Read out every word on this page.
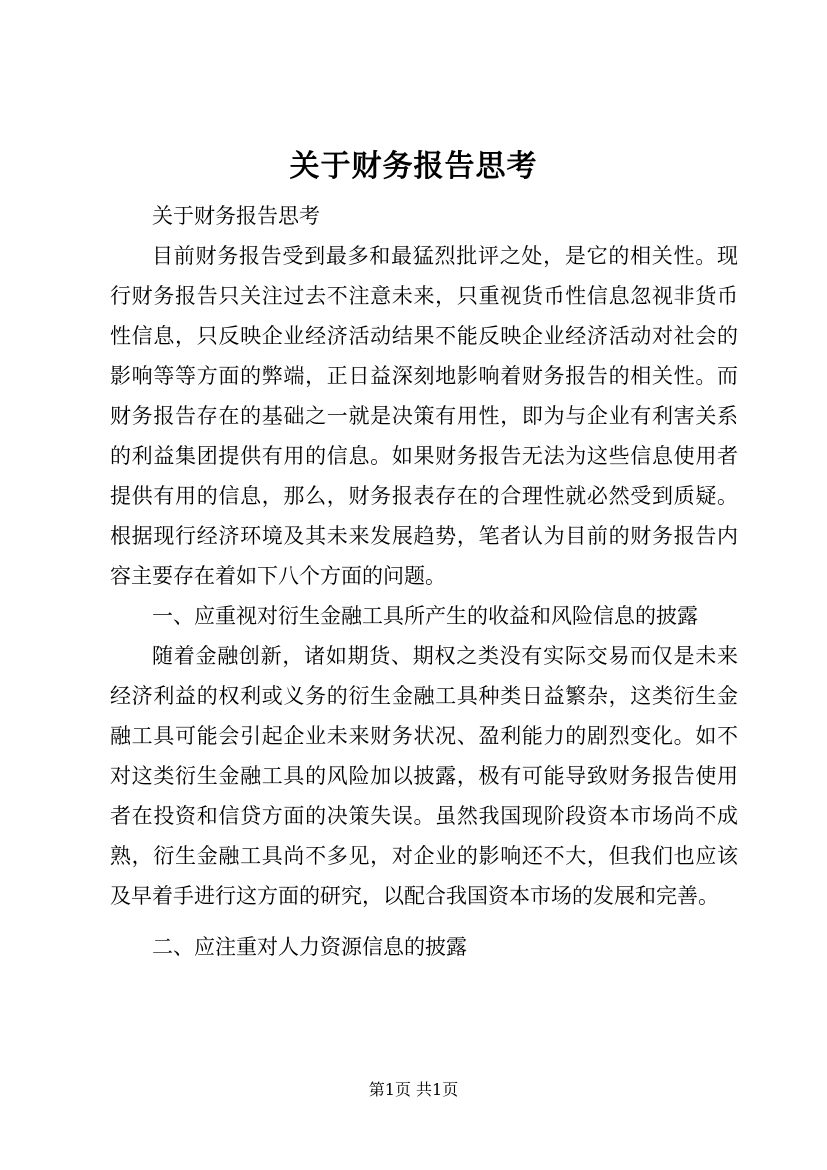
关于财务报告思考

关于财务报告思考

目前财务报告受到最多和最猛烈批评之处，是它的相关性。现行财务报告只关注过去不注意未来，只重视货币性信息忽视非货币性信息，只反映企业经济活动结果不能反映企业经济活动对社会的影响等等方面的弊端，正日益深刻地影响着财务报告的相关性。而财务报告存在的基础之一就是决策有用性，即为与企业有利害关系的利益集团提供有用的信息。如果财务报告无法为这些信息使用者提供有用的信息，那么，财务报表存在的合理性就必然受到质疑。根据现行经济环境及其未来发展趋势，笔者认为目前的财务报告内容主要存在着如下八个方面的问题。

一、应重视对衍生金融工具所产生的收益和风险信息的披露

随着金融创新，诸如期货、期权之类没有实际交易而仅是未来经济利益的权利或义务的衍生金融工具种类日益繁杂，这类衍生金融工具可能会引起企业未来财务状况、盈利能力的剧烈变化。如不对这类衍生金融工具的风险加以披露，极有可能导致财务报告使用者在投资和信贷方面的决策失误。虽然我国现阶段资本市场尚不成熟，衍生金融工具尚不多见，对企业的影响还不大，但我们也应该及早着手进行这方面的研究，以配合我国资本市场的发展和完善。

二、应注重对人力资源信息的披露

第1页 共1页
